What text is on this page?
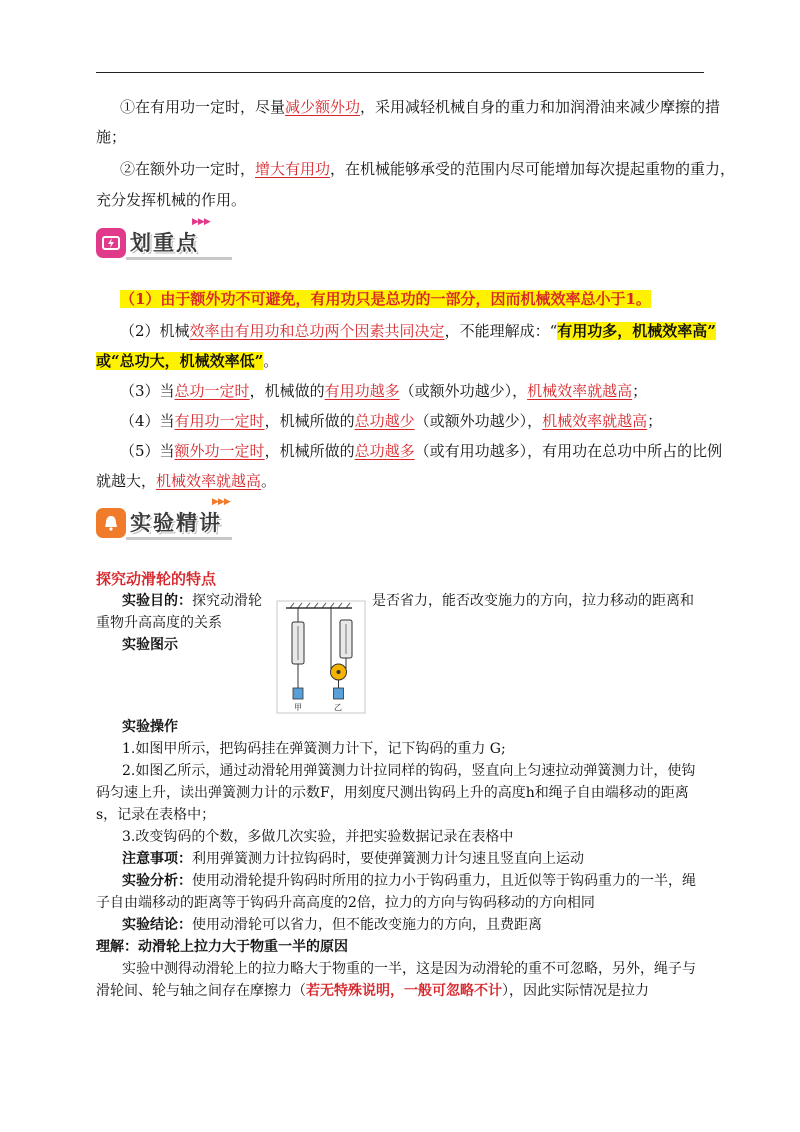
①在有用功一定时，尽量减少额外功，采用减轻机械自身的重力和加润滑油来减少摩擦的措
施；
②在额外功一定时，增大有用功，在机械能够承受的范围内尽可能增加每次提起重物的重力，
充分发挥机械的作用。
划重点
▶▶▶
（1）由于额外功不可避免，有用功只是总功的一部分，因而机械效率总小于1。
（2）机械效率由有用功和总功两个因素共同决定，不能理解成：“有用功多，机械效率高”
或“总功大，机械效率低”。
（3）当总功一定时，机械做的有用功越多（或额外功越少），机械效率就越高；
（4）当有用功一定时，机械所做的总功越少（或额外功越少），机械效率就越高；
（5）当额外功一定时，机械所做的总功越多（或有用功越多），有用功在总功中所占的比例
就越大，机械效率就越高。
实验精讲
▶▶▶
探究动滑轮的特点
实验目的：探究动滑轮	是否省力，能否改变施力的方向，拉力移动的距离和
重物升高高度的关系
实验图示
甲	乙
实验操作
1.如图甲所示，把钩码挂在弹簧测力计下，记下钩码的重力 G;
2.如图乙所示，通过动滑轮用弹簧测力计拉同样的钩码，竖直向上匀速拉动弹簧测力计，使钩
码匀速上升，读出弹簧测力计的示数F，用刻度尺测出钩码上升的高度h和绳子自由端移动的距离
s，记录在表格中；
3.改变钩码的个数，多做几次实验，并把实验数据记录在表格中
注意事项：利用弹簧测力计拉钩码时，要使弹簧测力计匀速且竖直向上运动
实验分析：使用动滑轮提升钩码时所用的拉力小于钩码重力，且近似等于钩码重力的一半，绳
子自由端移动的距离等于钩码升高高度的2倍，拉力的方向与钩码移动的方向相同
实验结论：使用动滑轮可以省力，但不能改变施力的方向，且费距离
理解：动滑轮上拉力大于物重一半的原因
实验中测得动滑轮上的拉力略大于物重的一半，这是因为动滑轮的重不可忽略，另外，绳子与
滑轮间、轮与轴之间存在摩擦力（若无特殊说明，一般可忽略不计），因此实际情况是拉力
